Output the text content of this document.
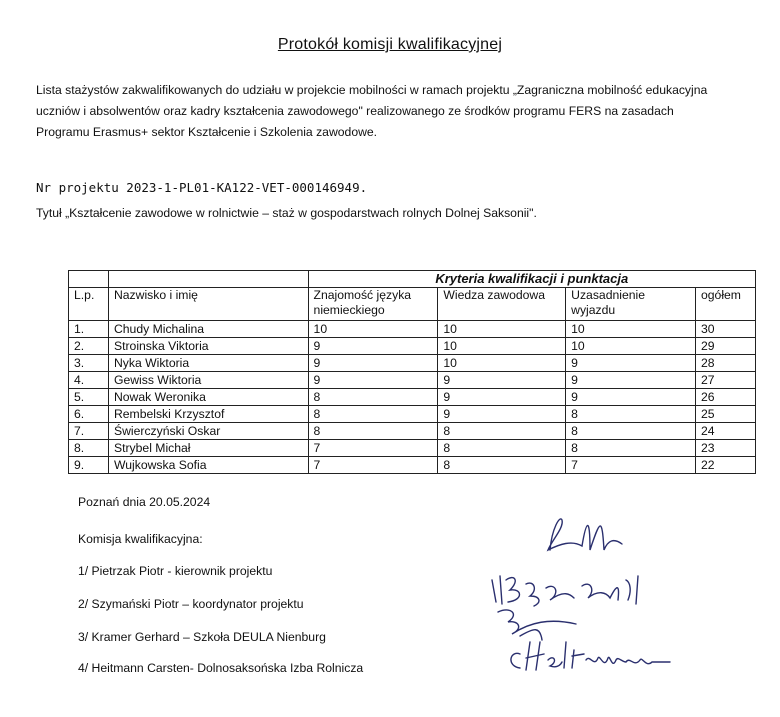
Protokół komisji kwalifikacyjnej
Lista stażystów zakwalifikowanych do udziału w projekcie mobilności w ramach projektu „Zagraniczna mobilność edukacyjna uczniów i absolwentów oraz kadry kształcenia zawodowego" realizowanego ze środków programu FERS na zasadach Programu Erasmus+ sektor Kształcenie i Szkolenia zawodowe.
Nr projektu 2023-1-PL01-KA122-VET-000146949.
Tytuł „Kształcenie zawodowe w rolnictwie – staż w gospodarstwach rolnych Dolnej Saksonii".
		Kryteria kwalifikacji i punktacja			
L.p.	Nazwisko i imię	Znajomość języka niemieckiego	Wiedza zawodowa	Uzasadnienie wyjazdu	ogółem
1.	Chudy Michalina	10	10	10	30
2.	Stroinska Viktoria	9	10	10	29
3.	Nyka Wiktoria	9	10	9	28
4.	Gewiss Wiktoria	9	9	9	27
5.	Nowak Weronika	8	9	9	26
6.	Rembelski Krzysztof	8	9	8	25
7.	Świerczyński Oskar	8	8	8	24
8.	Strybel Michał	7	8	8	23
9.	Wujkowska Sofia	7	8	7	22
Poznań dnia 20.05.2024
Komisja kwalifikacyjna:
1/ Pietrzak Piotr - kierownik projektu
2/ Szymański Piotr – koordynator projektu
3/ Kramer Gerhard – Szkoła DEULA Nienburg
4/ Heitmann Carsten- Dolnosaksońska Izba Rolnicza
